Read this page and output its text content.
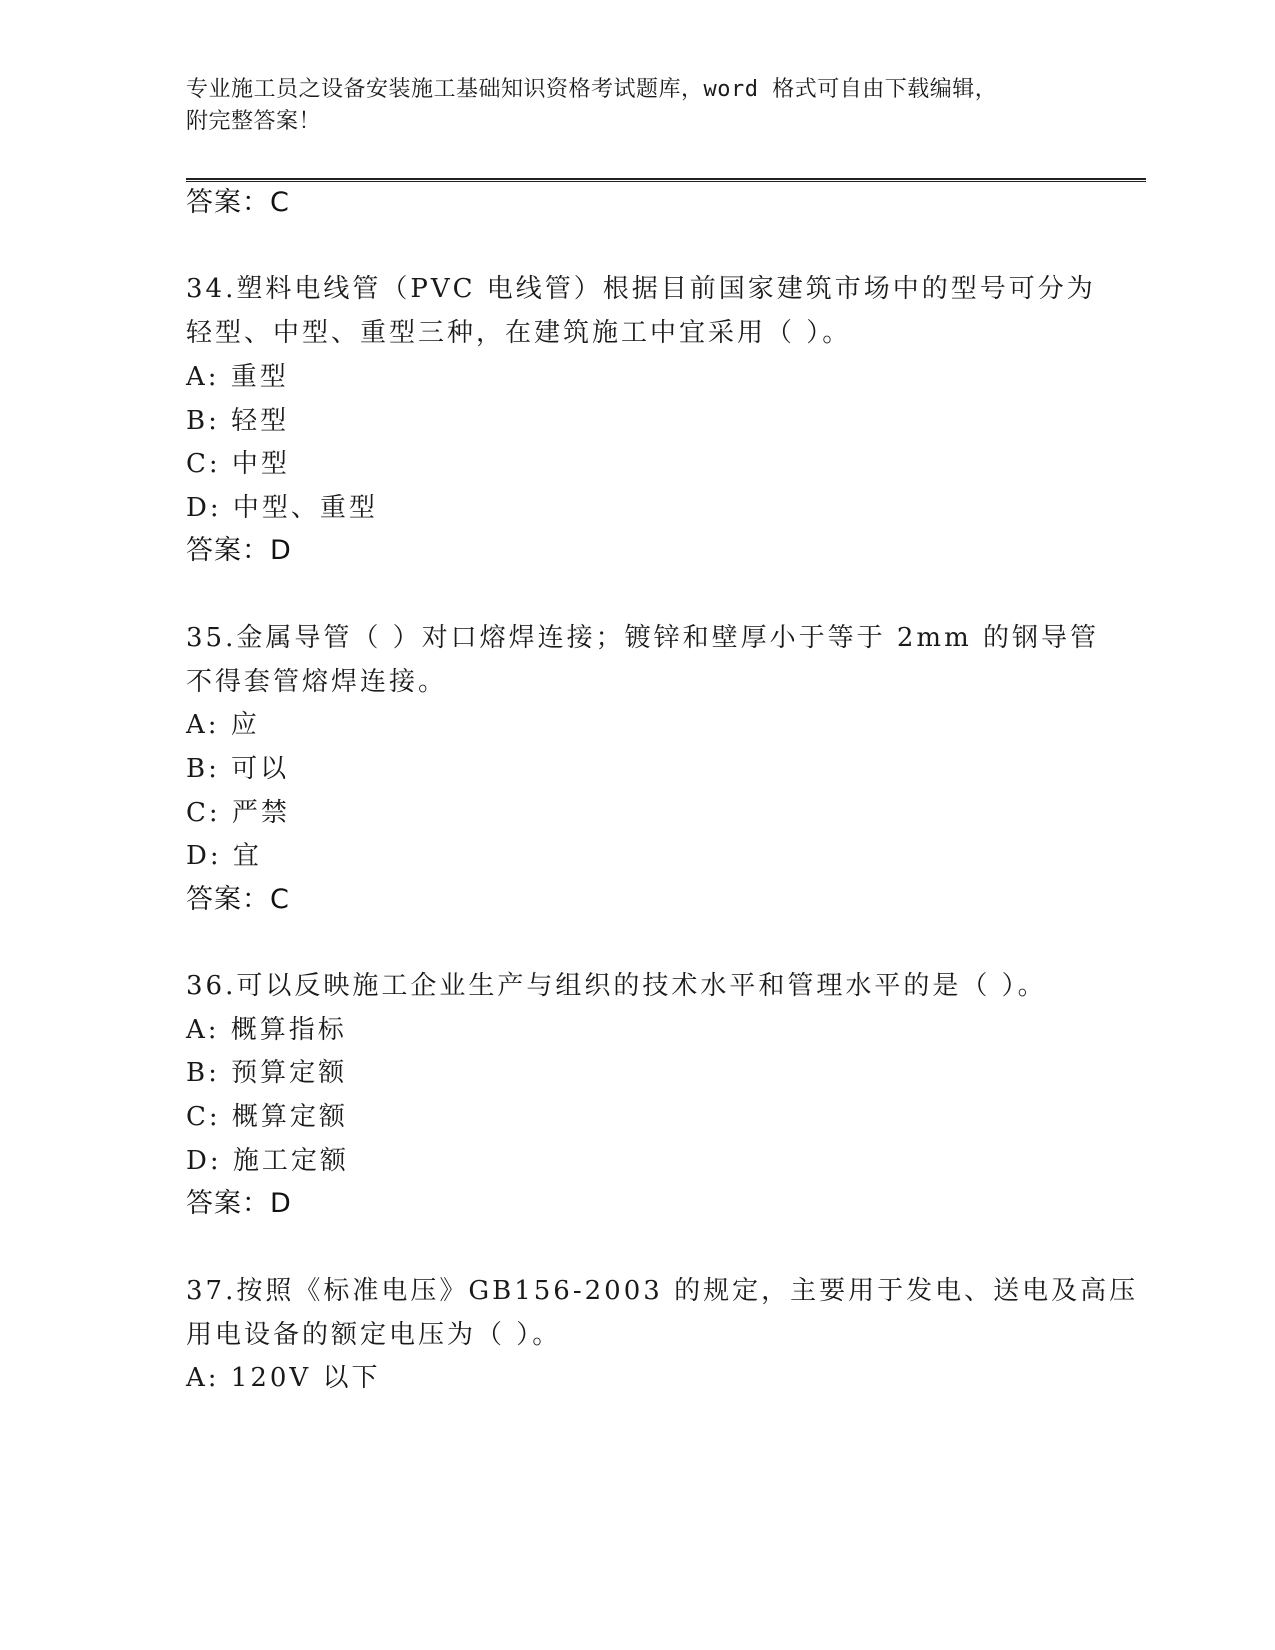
专业施工员之设备安装施工基础知识资格考试题库，word 格式可自由下载编辑，
附完整答案！
答案：C
34.塑料电线管（PVC 电线管）根据目前国家建筑市场中的型号可分为
轻型、中型、重型三种，在建筑施工中宜采用（ ）。
A: 重型
B: 轻型
C: 中型
D: 中型、重型
答案：D
35.金属导管（ ）对口熔焊连接；镀锌和壁厚小于等于 2mm 的钢导管
不得套管熔焊连接。
A: 应
B: 可以
C: 严禁
D: 宜
答案：C
36.可以反映施工企业生产与组织的技术水平和管理水平的是（ ）。
A: 概算指标
B: 预算定额
C: 概算定额
D: 施工定额
答案：D
37.按照《标准电压》GB156-2003 的规定，主要用于发电、送电及高压
用电设备的额定电压为（ ）。
A: 120V 以下
